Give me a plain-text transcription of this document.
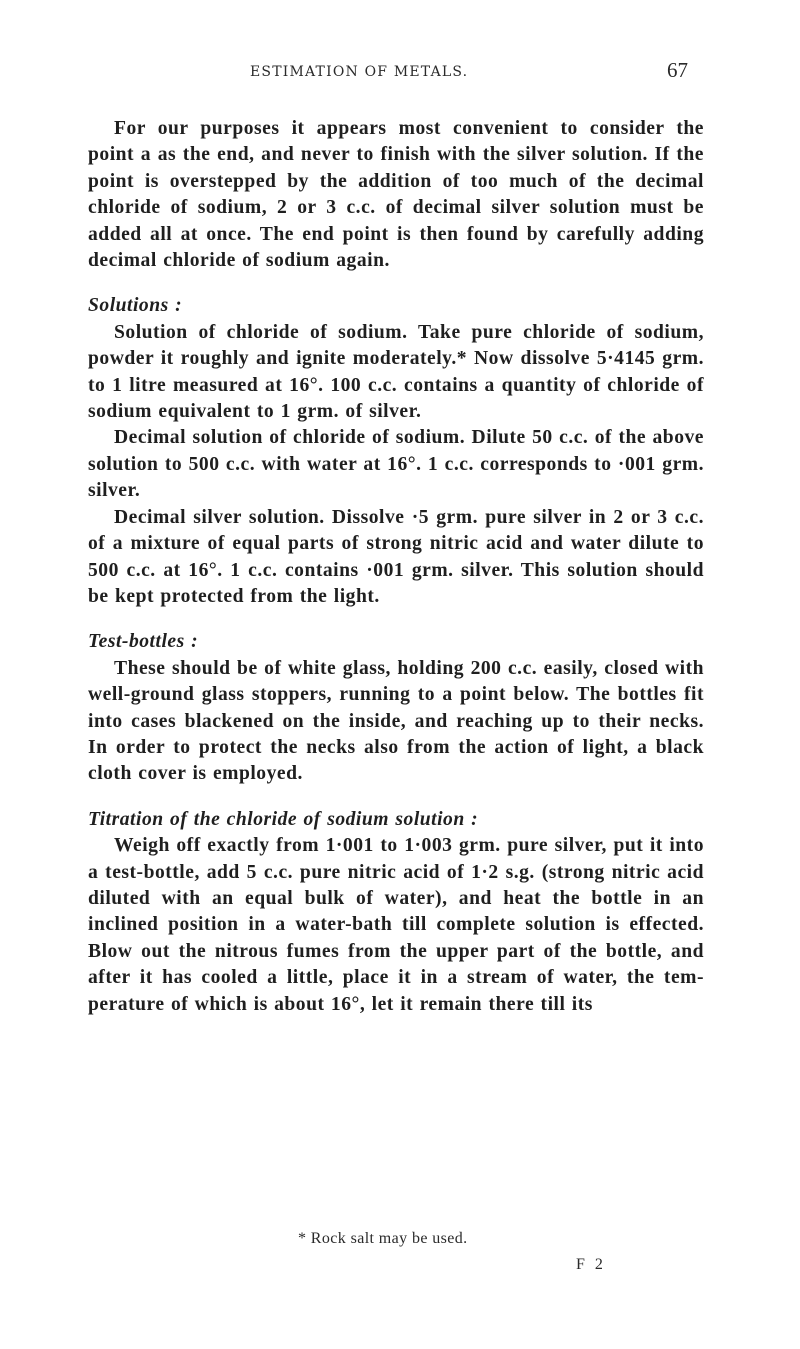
ESTIMATION OF METALS.	67

For our purposes it appears most convenient to consider the point a as the end, and never to finish with the silver solution. If the point is overstepped by the addition of too much of the decimal chloride of sodium, 2 or 3 c.c. of decimal silver solution must be added all at once. The end point is then found by carefully adding decimal chloride of sodium again.

Solutions :

Solution of chloride of sodium. Take pure chloride of sodium, powder it roughly and ignite moderately.* Now dissolve 5·4145 grm. to 1 litre measured at 16°. 100 c.c. contains a quantity of chloride of sodium equivalent to 1 grm. of silver.

Decimal solution of chloride of sodium. Dilute 50 c.c. of the above solution to 500 c.c. with water at 16°. 1 c.c. corresponds to ·001 grm. silver.

Decimal silver solution. Dissolve ·5 grm. pure silver in 2 or 3 c.c. of a mixture of equal parts of strong nitric acid and water dilute to 500 c.c. at 16°. 1 c.c. contains ·001 grm. silver. This solution should be kept protected from the light.

Test-bottles :

These should be of white glass, holding 200 c.c. easily, closed with well-ground glass stoppers, running to a point below. The bottles fit into cases blackened on the inside, and reaching up to their necks. In order to protect the necks also from the action of light, a black cloth cover is employed.

Titration of the chloride of sodium solution :

Weigh off exactly from 1·001 to 1·003 grm. pure silver, put it into a test-bottle, add 5 c.c. pure nitric acid of 1·2 s.g. (strong nitric acid diluted with an equal bulk of water), and heat the bottle in an inclined position in a water-bath till complete solution is effected. Blow out the nitrous fumes from the upper part of the bottle, and after it has cooled a little, place it in a stream of water, the tem- perature of which is about 16°, let it remain there till its

* Rock salt may be used.
F 2
